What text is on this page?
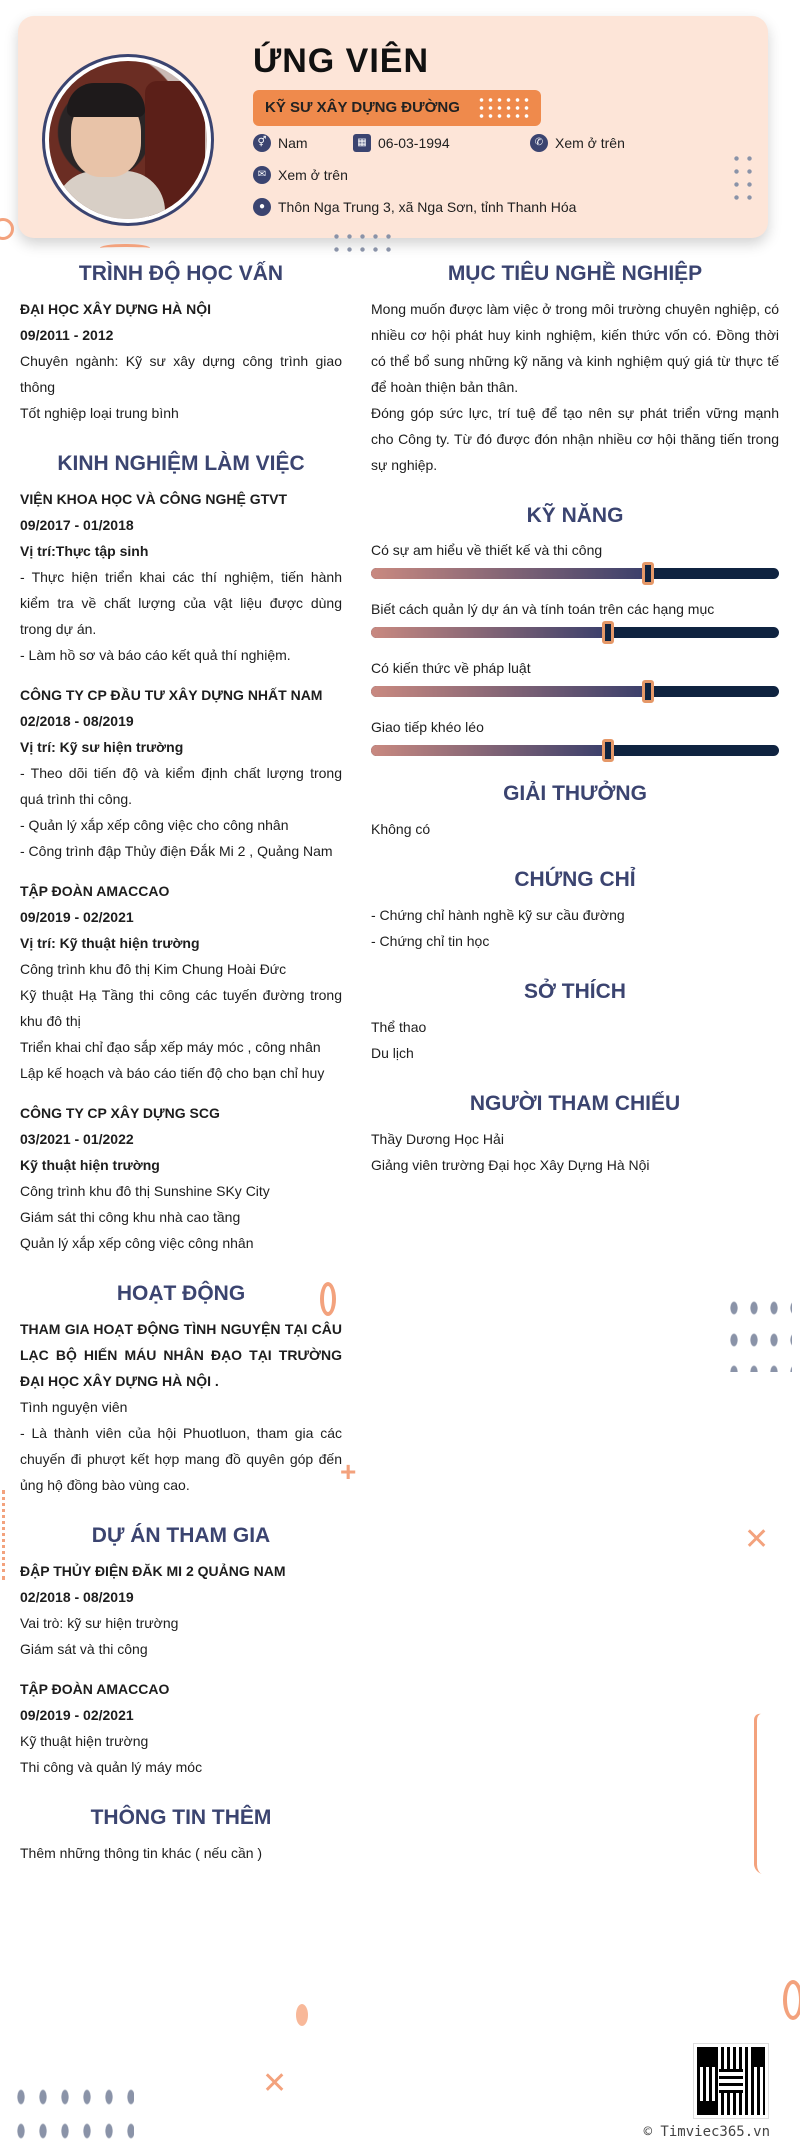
ỨNG VIÊN
KỸ SƯ XÂY DỰNG ĐƯỜNG
⚥ Nam	▦ 06-03-1994	✆ Xem ở trên
✉ Xem ở trên
● Thôn Nga Trung 3, xã Nga Sơn, tỉnh Thanh Hóa
TRÌNH ĐỘ HỌC VẤN
ĐẠI HỌC XÂY DỰNG HÀ NỘI
09/2011 - 2012
Chuyên ngành: Kỹ sư xây dựng công trình giao thông
Tốt nghiệp loại trung bình
KINH NGHIỆM LÀM VIỆC
VIỆN KHOA HỌC VÀ CÔNG NGHỆ GTVT
09/2017 - 01/2018
Vị trí:Thực tập sinh
- Thực hiện triển khai các thí nghiệm, tiến hành kiểm tra về chất lượng của vật liệu được dùng trong dự án.
- Làm hồ sơ và báo cáo kết quả thí nghiệm.
CÔNG TY CP ĐẦU TƯ XÂY DỰNG NHẤT NAM
02/2018 - 08/2019
Vị trí: Kỹ sư hiện trường
- Theo dõi tiến độ và kiểm định chất lượng trong quá trình thi công.
- Quản lý xắp xếp công việc cho công nhân
- Công trình đập Thủy điện Đắk Mi 2 , Quảng Nam
TẬP ĐOÀN AMACCAO
09/2019 - 02/2021
Vị trí: Kỹ thuật hiện trường
Công trình khu đô thị Kim Chung Hoài Đức
Kỹ thuật Hạ Tầng thi công các tuyến đường trong khu đô thị
Triển khai chỉ đạo sắp xếp máy móc , công nhân
Lập kế hoạch và báo cáo tiến độ cho bạn chỉ huy
CÔNG TY CP XÂY DỰNG SCG
03/2021 - 01/2022
Kỹ thuật hiện trường
Công trình khu đô thị Sunshine SKy City
Giám sát thi công khu nhà cao tầng
Quản lý xắp xếp công việc công nhân
HOẠT ĐỘNG
THAM GIA HOẠT ĐỘNG TÌNH NGUYỆN TẠI CÂU LẠC BỘ HIẾN MÁU NHÂN ĐẠO TẠI TRƯỜNG ĐẠI HỌC XÂY DỰNG HÀ NỘI .
Tình nguyện viên
- Là thành viên của hội Phuotluon, tham gia các chuyến đi phượt kết hợp mang đồ quyên góp đến ủng hộ đồng bào vùng cao.
DỰ ÁN THAM GIA
ĐẬP THỦY ĐIỆN ĐĂK MI 2 QUẢNG NAM
02/2018 - 08/2019
Vai trò: kỹ sư hiện trường
Giám sát và thi công
TẬP ĐOÀN AMACCAO
09/2019 - 02/2021
Kỹ thuật hiện trường
Thi công và quản lý máy móc
THÔNG TIN THÊM
Thêm những thông tin khác ( nếu cần )
MỤC TIÊU NGHỀ NGHIỆP
Mong muốn được làm việc ở trong môi trường chuyên nghiệp, có nhiều cơ hội phát huy kinh nghiệm, kiến thức vốn có. Đồng thời có thể bổ sung những kỹ năng và kinh nghiệm quý giá từ thực tế để hoàn thiện bản thân.
Đóng góp sức lực, trí tuệ để tạo nên sự phát triển vững mạnh cho Công ty. Từ đó được đón nhận nhiều cơ hội thăng tiến trong sự nghiệp.
KỸ NĂNG
Có sự am hiểu về thiết kế và thi công
Biết cách quản lý dự án và tính toán trên các hạng mục
Có kiến thức về pháp luật
Giao tiếp khéo léo
GIẢI THƯỞNG
Không có
CHỨNG CHỈ
- Chứng chỉ hành nghề kỹ sư cầu đường
- Chứng chỉ tin học
SỞ THÍCH
Thể thao
Du lịch
NGƯỜI THAM CHIẾU
Thầy Dương Học Hải
Giảng viên trường Đại học Xây Dựng Hà Nội
+
✕
✕
© Timviec365.vn
